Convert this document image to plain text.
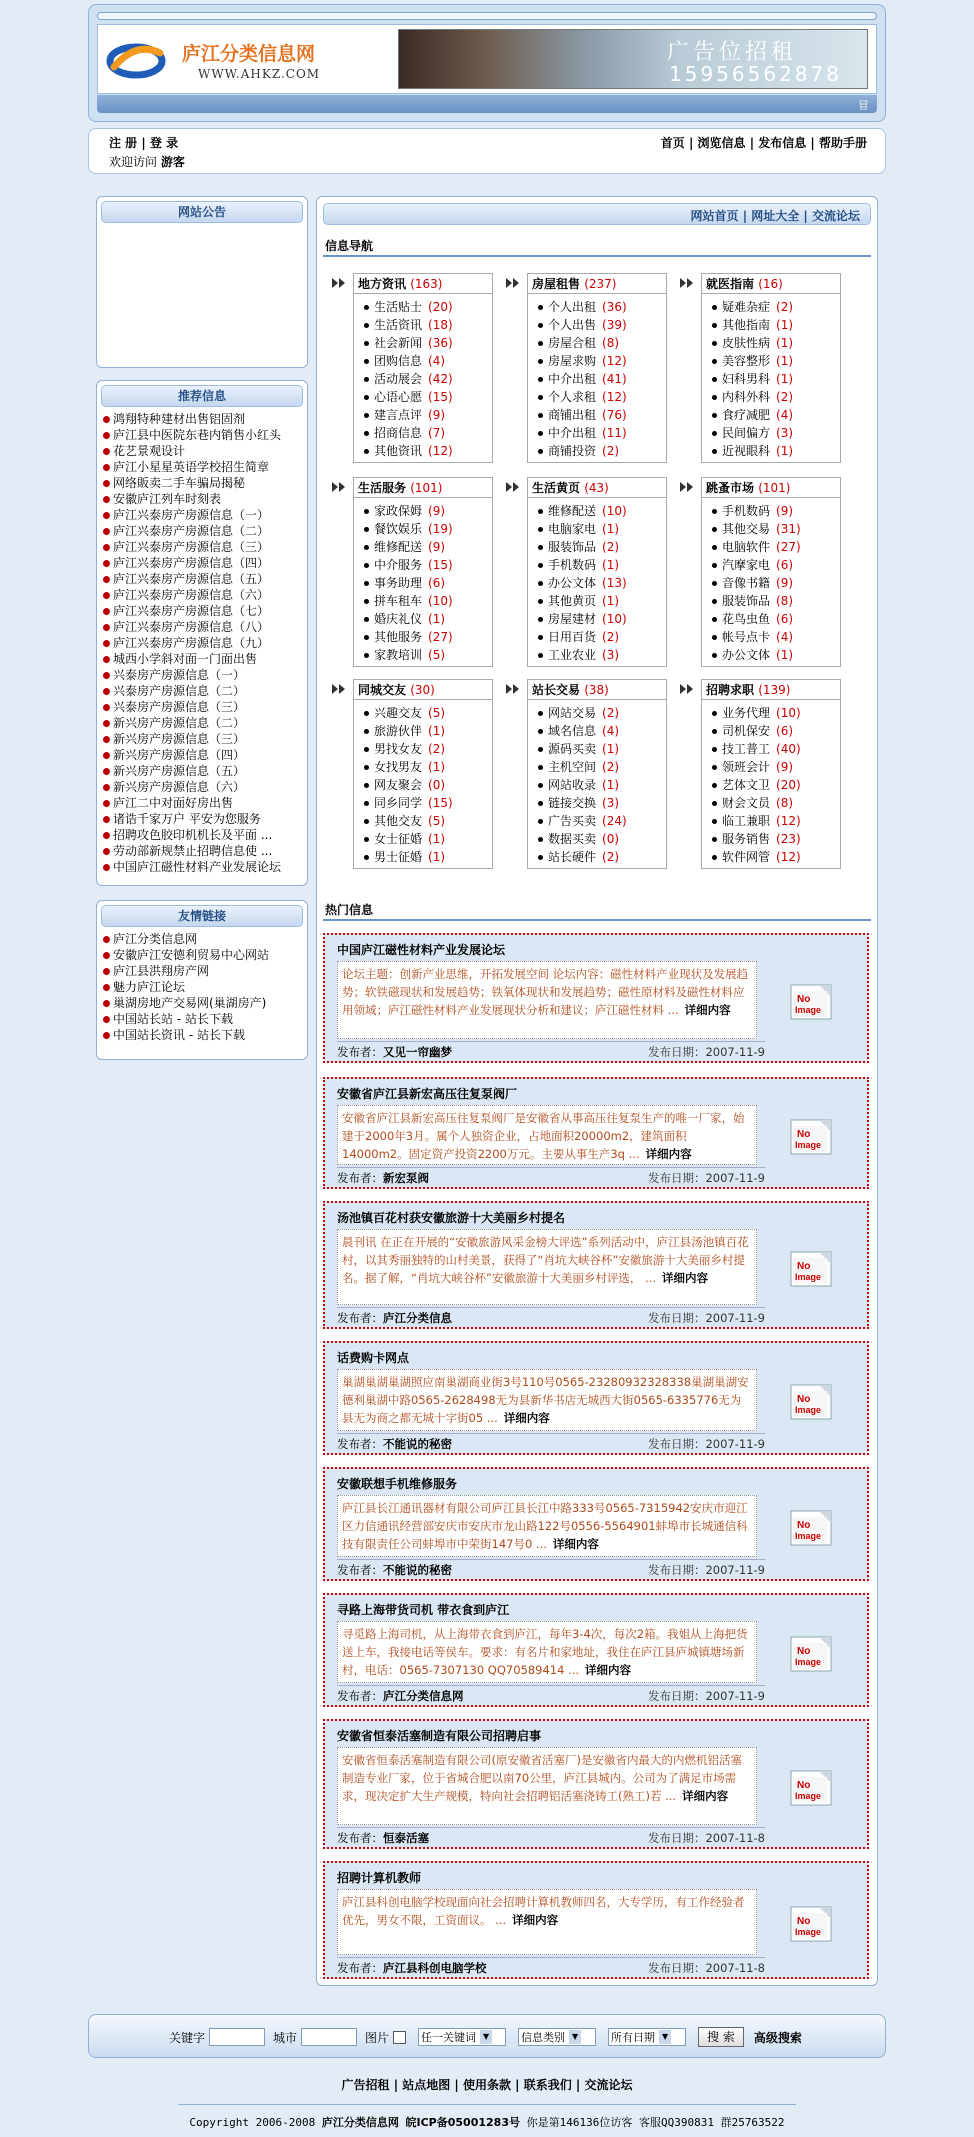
庐江分类信息网
WWW.AHKZ.COM
广告位招租
15956562878
冒
注 册 | 登 录
欢迎访问 游客
首页 | 浏览信息 | 发布信息 | 帮助手册
网站公告
推荐信息
鸿翔特种建材出售铝固剂
庐江县中医院东巷内销售小红头
花艺景观设计
庐江小星星英语学校招生简章
网络販卖二手车骗局揭秘
安徽庐江列车时刻表
庐江兴泰房产房源信息（一）
庐江兴泰房产房源信息（二）
庐江兴泰房产房源信息（三）
庐江兴泰房产房源信息（四）
庐江兴泰房产房源信息（五）
庐江兴泰房产房源信息（六）
庐江兴泰房产房源信息（七）
庐江兴泰房产房源信息（八）
庐江兴泰房产房源信息（九）
城西小学斜对面一门面出售
兴泰房产房源信息（一）
兴泰房产房源信息（二）
兴泰房产房源信息（三）
新兴房产房源信息（二）
新兴房产房源信息（三）
新兴房产房源信息（四）
新兴房产房源信息（五）
新兴房产房源信息（六）
庐江二中对面好房出售
诸诰千家万户 平安为您服务
招聘攻色胶印机机长及平面 ...
劳动部新规禁止招聘信息使 ...
中国庐江磁性材料产业发展论坛
友情链接
庐江分类信息网
安徽庐江安德利贸易中心网站
庐江县洪翔房产网
魅力庐江论坛
巢湖房地产交易网(巢湖房产)
中国站长站 - 站长下载
中国站长资讯 - 站长下载
网站首页 | 网址大全 | 交流论坛
信息导航
地方资讯 (163)
生活贴士 (20)
生活资讯 (18)
社会新闻 (36)
团购信息 (4)
活动展会 (42)
心语心愿 (15)
建言点评 (9)
招商信息 (7)
其他资讯 (12)
房屋租售 (237)
个人出租 (36)
个人出售 (39)
房屋合租 (8)
房屋求购 (12)
中介出租 (41)
个人求租 (12)
商铺出租 (76)
中介出租 (11)
商铺投资 (2)
就医指南 (16)
疑难杂症 (2)
其他指南 (1)
皮肤性病 (1)
美容整形 (1)
妇科男科 (1)
内科外科 (2)
食疗减肥 (4)
民间偏方 (3)
近视眼科 (1)
生活服务 (101)
家政保姆 (9)
餐饮娱乐 (19)
维修配送 (9)
中介服务 (15)
事务助理 (6)
拼车租车 (10)
婚庆礼仪 (1)
其他服务 (27)
家教培训 (5)
生活黄页 (43)
维修配送 (10)
电脑家电 (1)
服装饰品 (2)
手机数码 (1)
办公文体 (13)
其他黄页 (1)
房屋建材 (10)
日用百货 (2)
工业农业 (3)
跳蚤市场 (101)
手机数码 (9)
其他交易 (31)
电脑软件 (27)
汽摩家电 (6)
音像书籍 (9)
服装饰品 (8)
花鸟虫鱼 (6)
帐号点卡 (4)
办公文体 (1)
同城交友 (30)
兴趣交友 (5)
旅游伙伴 (1)
男找女友 (2)
女找男友 (1)
网友聚会 (0)
同乡同学 (15)
其他交友 (5)
女士征婚 (1)
男士征婚 (1)
站长交易 (38)
网站交易 (2)
域名信息 (4)
源码买卖 (1)
主机空间 (2)
网站收录 (1)
链接交换 (3)
广告买卖 (24)
数据买卖 (0)
站长硬件 (2)
招聘求职 (139)
业务代理 (10)
司机保安 (6)
技工普工 (40)
领班会计 (9)
艺体文卫 (20)
财会文员 (8)
临工兼职 (12)
服务销售 (23)
软件网管 (12)
热门信息
中国庐江磁性材料产业发展论坛
论坛主题：创新产业思维，开拓发展空间 论坛内容：磁性材料产业现状及发展趋势；软铁磁现状和发展趋势；铁氧体现状和发展趋势；磁性原材料及磁性材料应用领域；庐江磁性材料产业发展现状分析和建议；庐江磁性材料 ... 详细内容
发布者：又见一帘幽梦	发布日期：2007-11-9
No
Image
安徽省庐江县新宏高压往复泵阀厂
安徽省庐江县新宏高压往复泵阀厂是安徽省从事高压往复泵生产的唯一厂家，始建于2000年3月。属个人独资企业，占地面积20000m2，建筑面积14000m2。固定资产投资2200万元。主要从事生产3q ... 详细内容
发布者：新宏泵阀	发布日期：2007-11-9
No
Image
汤池镇百花村获安徽旅游十大美丽乡村提名
晨刊讯 在正在开展的“安徽旅游风采金榜大评选”系列活动中，庐江县汤池镇百花村，以其秀丽独特的山村美景，获得了“肖坑大峡谷杯”安徽旅游十大美丽乡村提名。据了解，“肖坑大峡谷杯”安徽旅游十大美丽乡村评选， ... 详细内容
发布者：庐江分类信息	发布日期：2007-11-9
No
Image
话费购卡网点
巢湖巢湖巢湖照应南巢湖商业街3号110号0565-23280932328338巢湖巢湖安德利巢湖中路0565-2628498无为县新华书店无城西大街0565-6335776无为县无为商之都无城十字街05 ... 详细内容
发布者：不能说的秘密	发布日期：2007-11-9
No
Image
安徽联想手机维修服务
庐江县长江通讯器材有限公司庐江县长江中路333号0565-7315942安庆市迎江区力信通讯经营部安庆市安庆市龙山路122号0556-5564901蚌埠市长城通信科技有限责任公司蚌埠市中荣街147号0 ... 详细内容
发布者：不能说的秘密	发布日期：2007-11-9
No
Image
寻路上海带货司机 带衣食到庐江
寻觅路上海司机，从上海带衣食到庐江，每年3-4次，每次2箱。我姐从上海把货送上车，我接电话等侯车。要求：有名片和家地址，我住在庐江县庐城镇塘场新村，电话：0565-7307130 QQ70589414 ... 详细内容
发布者：庐江分类信息网	发布日期：2007-11-9
No
Image
安徽省恒泰活塞制造有限公司招聘启事
安徽省恒泰活塞制造有限公司(原安徽省活塞厂)是安徽省内最大的内燃机铝活塞制造专业厂家，位于省城合肥以南70公里，庐江县城内。公司为了满足市场需求，现决定扩大生产规模，特向社会招聘铝活塞浇铸工(熟工)若 ... 详细内容
发布者：恒泰活塞	发布日期：2007-11-8
No
Image
招聘计算机教师
庐江县科创电脑学校现面向社会招聘计算机教师四名，大专学历，有工作经验者优先，男女不限，工资面议。 ... 详细内容
发布者：庐江县科创电脑学校	发布日期：2007-11-8
No
Image
关键字	城市	图片	任一关键词 ▼	信息类别 ▼	所有日期 ▼	搜 索	高级搜索
广告招租 | 站点地图 | 使用条款 | 联系我们 | 交流论坛
Copyright 2006-2008 庐江分类信息网 皖ICP备05001283号 你是第146136位访客 客服QQ390831 群25763522
